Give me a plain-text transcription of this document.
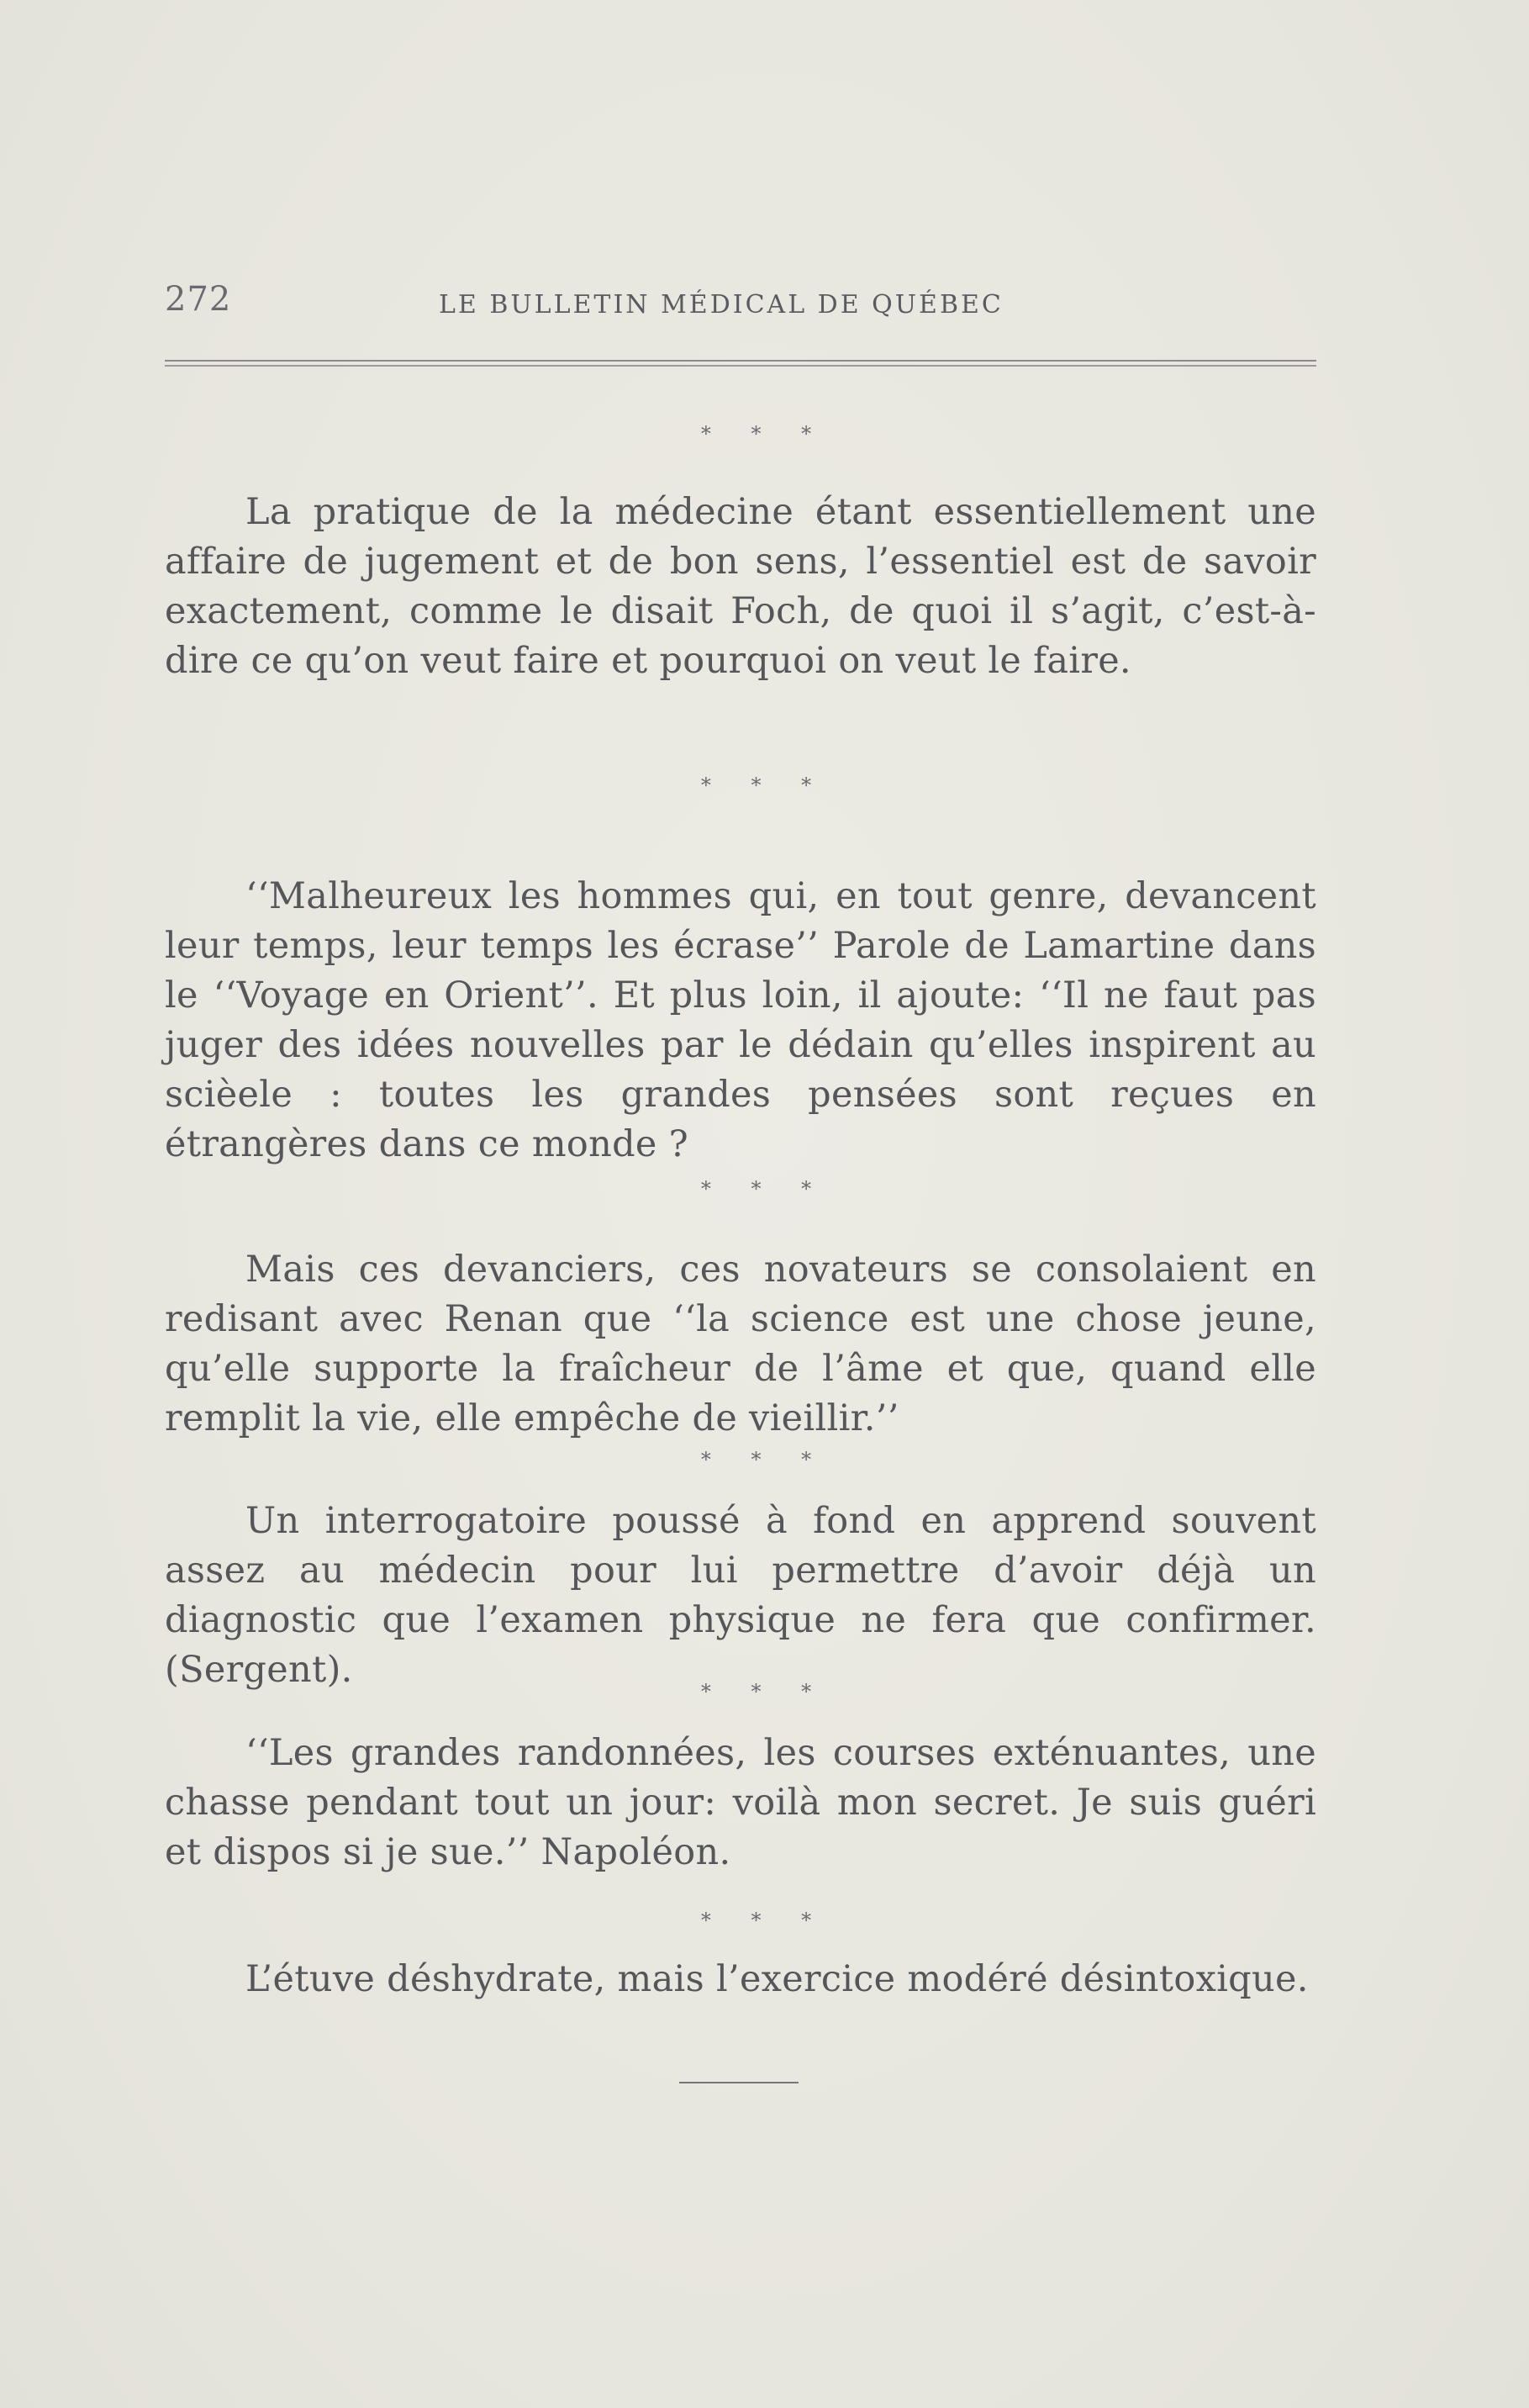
272	LE BULLETIN MÉDICAL DE QUÉBEC
* * *

La pratique de la médecine étant essentiellement une affaire de jugement et de bon sens, l’essentiel est de savoir exactement, comme le disait Foch, de quoi il s’agit, c’est-à-dire ce qu’on veut faire et pourquoi on veut le faire.

* * *

‘‘Malheureux les hommes qui, en tout genre, devancent leur temps, leur temps les écrase’’ Parole de Lamartine dans le ‘‘Voyage en Orient’’. Et plus loin, il ajoute: ‘‘Il ne faut pas juger des idées nouvelles par le dédain qu’elles inspirent au scièele : toutes les grandes pensées sont reçues en étrangères dans ce monde ?

* * *

Mais ces devanciers, ces novateurs se consolaient en redisant avec Renan que ‘‘la science est une chose jeune, qu’elle supporte la fraîcheur de l’âme et que, quand elle remplit la vie, elle empêche de vieillir.’’

* * *

Un interrogatoire poussé à fond en apprend souvent assez au médecin pour lui permettre d’avoir déjà un diagnostic que l’examen physique ne fera que confirmer. (Sergent).

* * *

‘‘Les grandes randonnées, les courses exténuantes, une chasse pendant tout un jour: voilà mon secret. Je suis guéri et dispos si je sue.’’ Napoléon.

* * *

L’étuve déshydrate, mais l’exercice modéré désintoxique.
